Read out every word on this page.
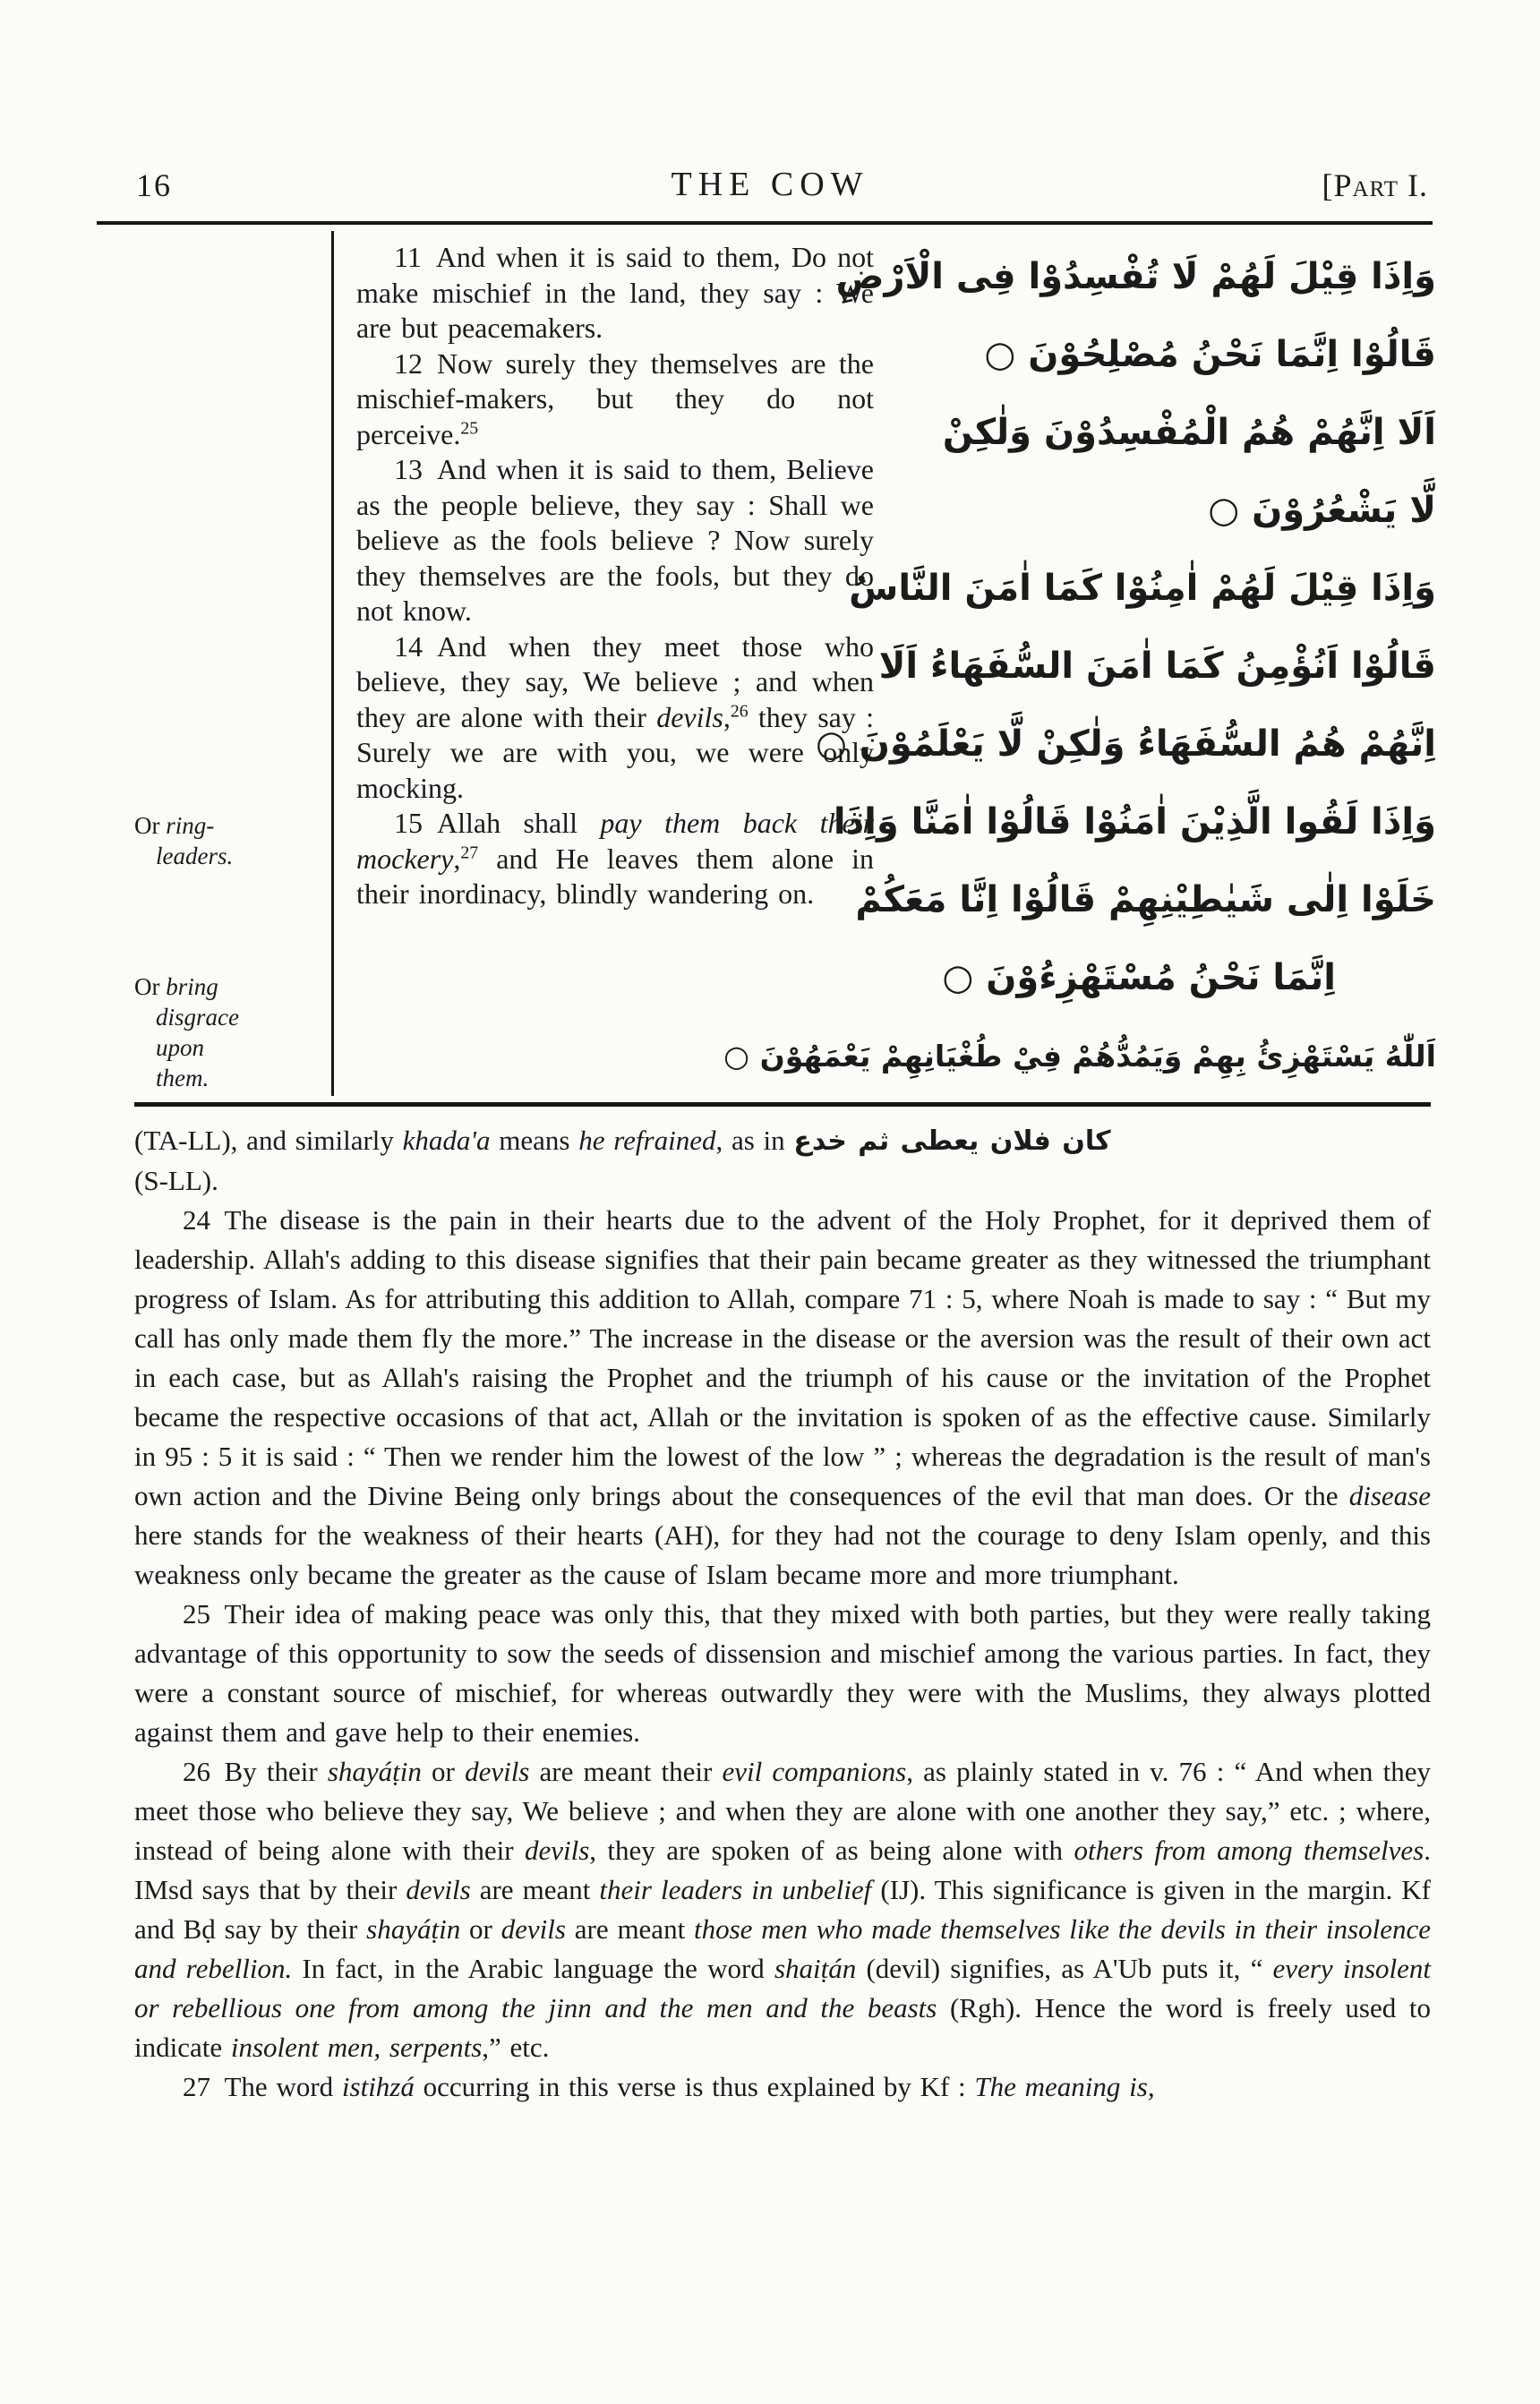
16	THE COW	[Part I.
Or ring-
leaders.
Or bring
disgrace
upon
them.

11 And when it is said to them, Do not make mischief in the land, they say : We are but peacemakers.

12 Now surely they themselves are the mischief-makers, but they do not perceive.$^{25}$

13 And when it is said to them, Believe as the people believe, they say : Shall we believe as the fools believe ? Now surely they themselves are the fools, but they do not know.

14 And when they meet those who believe, they say, We believe ; and when they are alone with their devils,$^{26}$ they say : Surely we are with you, we were only mocking.

15 Allah shall pay them back their mockery,$^{27}$ and He leaves them alone in their inordinacy, blindly wandering on.

وَاِذَا قِيْلَ لَهُمْ لَا تُفْسِدُوْا فِى الْاَرْضِ
قَالُوْا اِنَّمَا نَحْنُ مُصْلِحُوْنَ ○
اَلَا اِنَّهُمْ هُمُ الْمُفْسِدُوْنَ وَلٰكِنْ
لَّا يَشْعُرُوْنَ ○
وَاِذَا قِيْلَ لَهُمْ اٰمِنُوْا كَمَا اٰمَنَ النَّاسُ
قَالُوْا اَنُؤْمِنُ كَمَا اٰمَنَ السُّفَهَاءُ اَلَا
اِنَّهُمْ هُمُ السُّفَهَاءُ وَلٰكِنْ لَّا يَعْلَمُوْنَ ○
وَاِذَا لَقُوا الَّذِيْنَ اٰمَنُوْا قَالُوْا اٰمَنَّا وَاِذَا
خَلَوْا اِلٰى شَيٰطِيْنِهِمْ قَالُوْا اِنَّا مَعَكُمْ
اِنَّمَا نَحْنُ مُسْتَهْزِءُوْنَ ○
اَللّٰهُ يَسْتَهْزِئُ بِهِمْ وَيَمُدُّهُمْ فِيْ طُغْيَانِهِمْ يَعْمَهُوْنَ ○

(TA-LL), and similarly khada'a means he refrained, as in كان فلان يعطى ثم خدع
(S-LL).

24 The disease is the pain in their hearts due to the advent of the Holy Prophet, for it deprived them of leadership. Allah's adding to this disease signifies that their pain became greater as they witnessed the triumphant progress of Islam. As for attributing this addition to Allah, compare 71 : 5, where Noah is made to say : “ But my call has only made them fly the more.” The increase in the disease or the aversion was the result of their own act in each case, but as Allah's raising the Prophet and the triumph of his cause or the invitation of the Prophet became the respective occasions of that act, Allah or the invitation is spoken of as the effective cause. Similarly in 95 : 5 it is said : “ Then we render him the lowest of the low ” ; whereas the degradation is the result of man's own action and the Divine Being only brings about the consequences of the evil that man does. Or the disease here stands for the weakness of their hearts (AH), for they had not the courage to deny Islam openly, and this weakness only became the greater as the cause of Islam became more and more triumphant.

25 Their idea of making peace was only this, that they mixed with both parties, but they were really taking advantage of this opportunity to sow the seeds of dissension and mischief among the various parties. In fact, they were a constant source of mischief, for whereas outwardly they were with the Muslims, they always plotted against them and gave help to their enemies.

26 By their shayáṭin or devils are meant their evil companions, as plainly stated in v. 76 : “ And when they meet those who believe they say, We believe ; and when they are alone with one another they say,” etc. ; where, instead of being alone with their devils, they are spoken of as being alone with others from among themselves. IMsd says that by their devils are meant their leaders in unbelief (IJ). This significance is given in the margin. Kf and Bḍ say by their shayáṭin or devils are meant those men who made themselves like the devils in their insolence and rebellion. In fact, in the Arabic language the word shaiṭán (devil) signifies, as A'Ub puts it, “ every insolent or rebellious one from among the jinn and the men and the beasts (Rgh). Hence the word is freely used to indicate insolent men, serpents,” etc.

27 The word istihzá occurring in this verse is thus explained by Kf : The meaning is,
